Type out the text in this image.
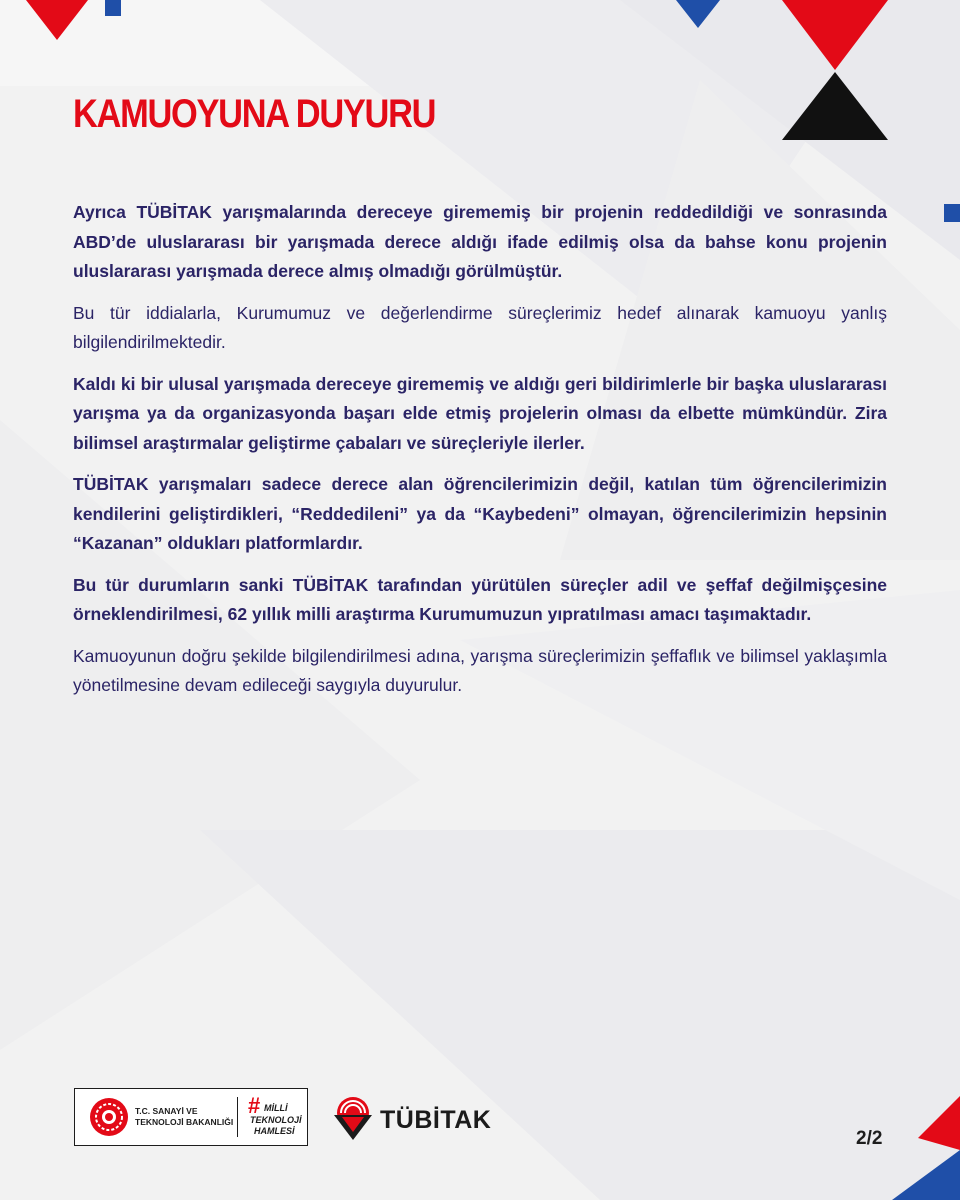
KAMUOYUNA DUYURU

Ayrıca TÜBİTAK yarışmalarında dereceye girememiş bir projenin reddedildiği ve sonrasında ABD’de uluslararası bir yarışmada derece aldığı ifade edilmiş olsa da bahse konu projenin uluslararası yarışmada derece almış olmadığı görülmüştür.

Bu tür iddialarla, Kurumumuz ve değerlendirme süreçlerimiz hedef alınarak kamuoyu yanlış bilgilendirilmektedir.

Kaldı ki bir ulusal yarışmada dereceye girememiş ve aldığı geri bildirimlerle bir başka uluslararası yarışma ya da organizasyonda başarı elde etmiş projelerin olması da elbette mümkündür. Zira bilimsel araştırmalar geliştirme çabaları ve süreçleriyle ilerler.

TÜBİTAK yarışmaları sadece derece alan öğrencilerimizin değil, katılan tüm öğrencilerimizin kendilerini geliştirdikleri, “Reddedileni” ya da “Kaybedeni” olmayan, öğrencilerimizin hepsinin “Kazanan” oldukları platformlardır.

Bu tür durumların sanki TÜBİTAK tarafından yürütülen süreçler adil ve şeffaf değilmişçesine örneklendirilmesi, 62 yıllık milli araştırma Kurumumuzun yıpratılması amacı taşımaktadır.

Kamuoyunun doğru şekilde bilgilendirilmesi adına, yarışma süreçlerimizin şeffaflık ve bilimsel yaklaşımla yönetilmesine devam edileceği saygıyla duyurulur.

T.C. SANAYİ VE
TEKNOLOJİ BAKANLIĞI
# MİLLİ
TEKNOLOJİ
HAMLESİ	TÜBİTAK
2/2
